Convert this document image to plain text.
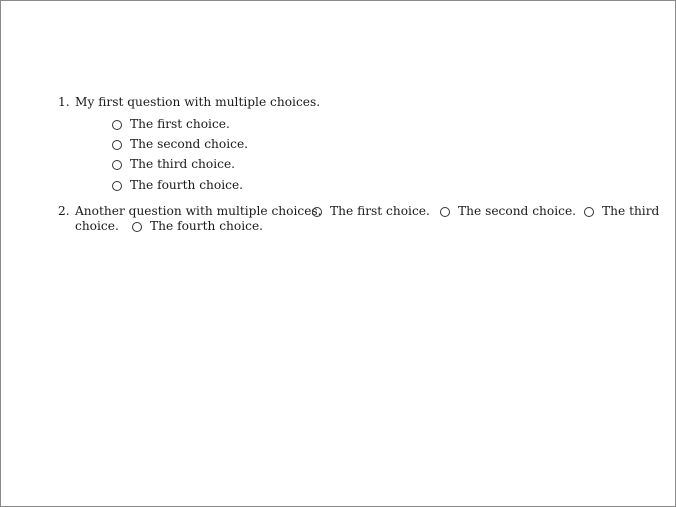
1. My first question with multiple choices.
The first choice.
The second choice.
The third choice.
The fourth choice.
2. Another question with multiple choices. The first choice. The second choice. The third
choice.	The fourth choice.
